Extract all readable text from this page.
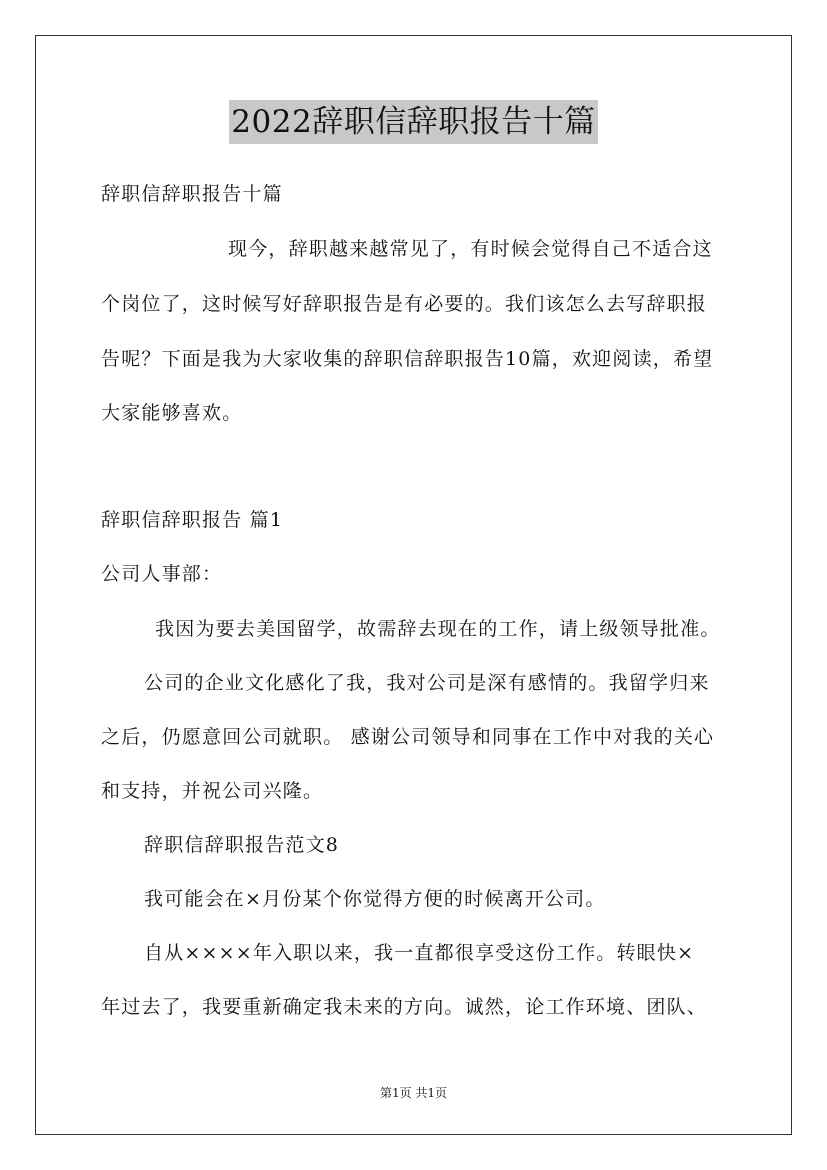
2022辞职信辞职报告十篇
辞职信辞职报告十篇
现今，辞职越来越常见了，有时候会觉得自己不适合这
个岗位了，这时候写好辞职报告是有必要的。我们该怎么去写辞职报
告呢？下面是我为大家收集的辞职信辞职报告10篇，欢迎阅读，希望
大家能够喜欢。
辞职信辞职报告 篇1
公司人事部：
我因为要去美国留学，故需辞去现在的工作，请上级领导批准。
公司的企业文化感化了我，我对公司是深有感情的。我留学归来
之后，仍愿意回公司就职。 感谢公司领导和同事在工作中对我的关心
和支持，并祝公司兴隆。
辞职信辞职报告范文8
我可能会在×月份某个你觉得方便的时候离开公司。
自从××××年入职以来，我一直都很享受这份工作。转眼快×
年过去了，我要重新确定我未来的方向。诚然，论工作环境、团队、
第1页 共1页
